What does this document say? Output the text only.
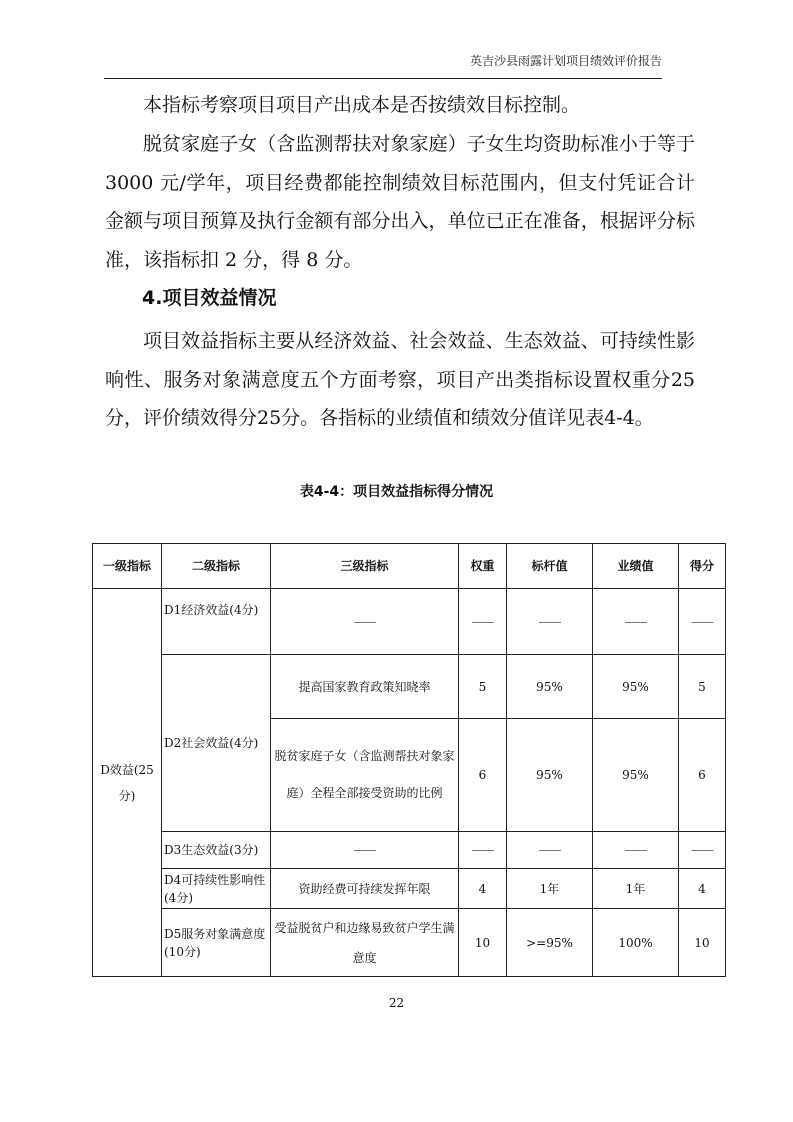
英吉沙县雨露计划项目绩效评价报告
本指标考察项目项目产出成本是否按绩效目标控制。
脱贫家庭子女（含监测帮扶对象家庭）子女生均资助标准小于等于 3000 元/学年，项目经费都能控制绩效目标范围内，但支付凭证合计金额与项目预算及执行金额有部分出入，单位已正在准备，根据评分标准，该指标扣 2 分，得 8 分。
4.项目效益情况
项目效益指标主要从经济效益、社会效益、生态效益、可持续性影响性、服务对象满意度五个方面考察，项目产出类指标设置权重分25分，评价绩效得分25分。各指标的业绩值和绩效分值详见表4-4。
表4-4：项目效益指标得分情况
一级指标	二级指标	三级指标	权重	标杆值	业绩值	得分
D效益(25分)	D1经济效益(4分)	——	——	——	——	——
	D2社会效益(4分)	提高国家教育政策知晓率	5	95%	95%	5
		脱贫家庭子女（含监测帮扶对象家庭）全程全部接受资助的比例	6	95%	95%	6
	D3生态效益(3分)	——	——	——	——	——
	D4可持续性影响性(4分)	资助经费可持续发挥年限	4	1年	1年	4
	D5服务对象满意度(10分)	受益脱贫户和边缘易致贫户学生满意度	10	>=95%	100%	10
22
